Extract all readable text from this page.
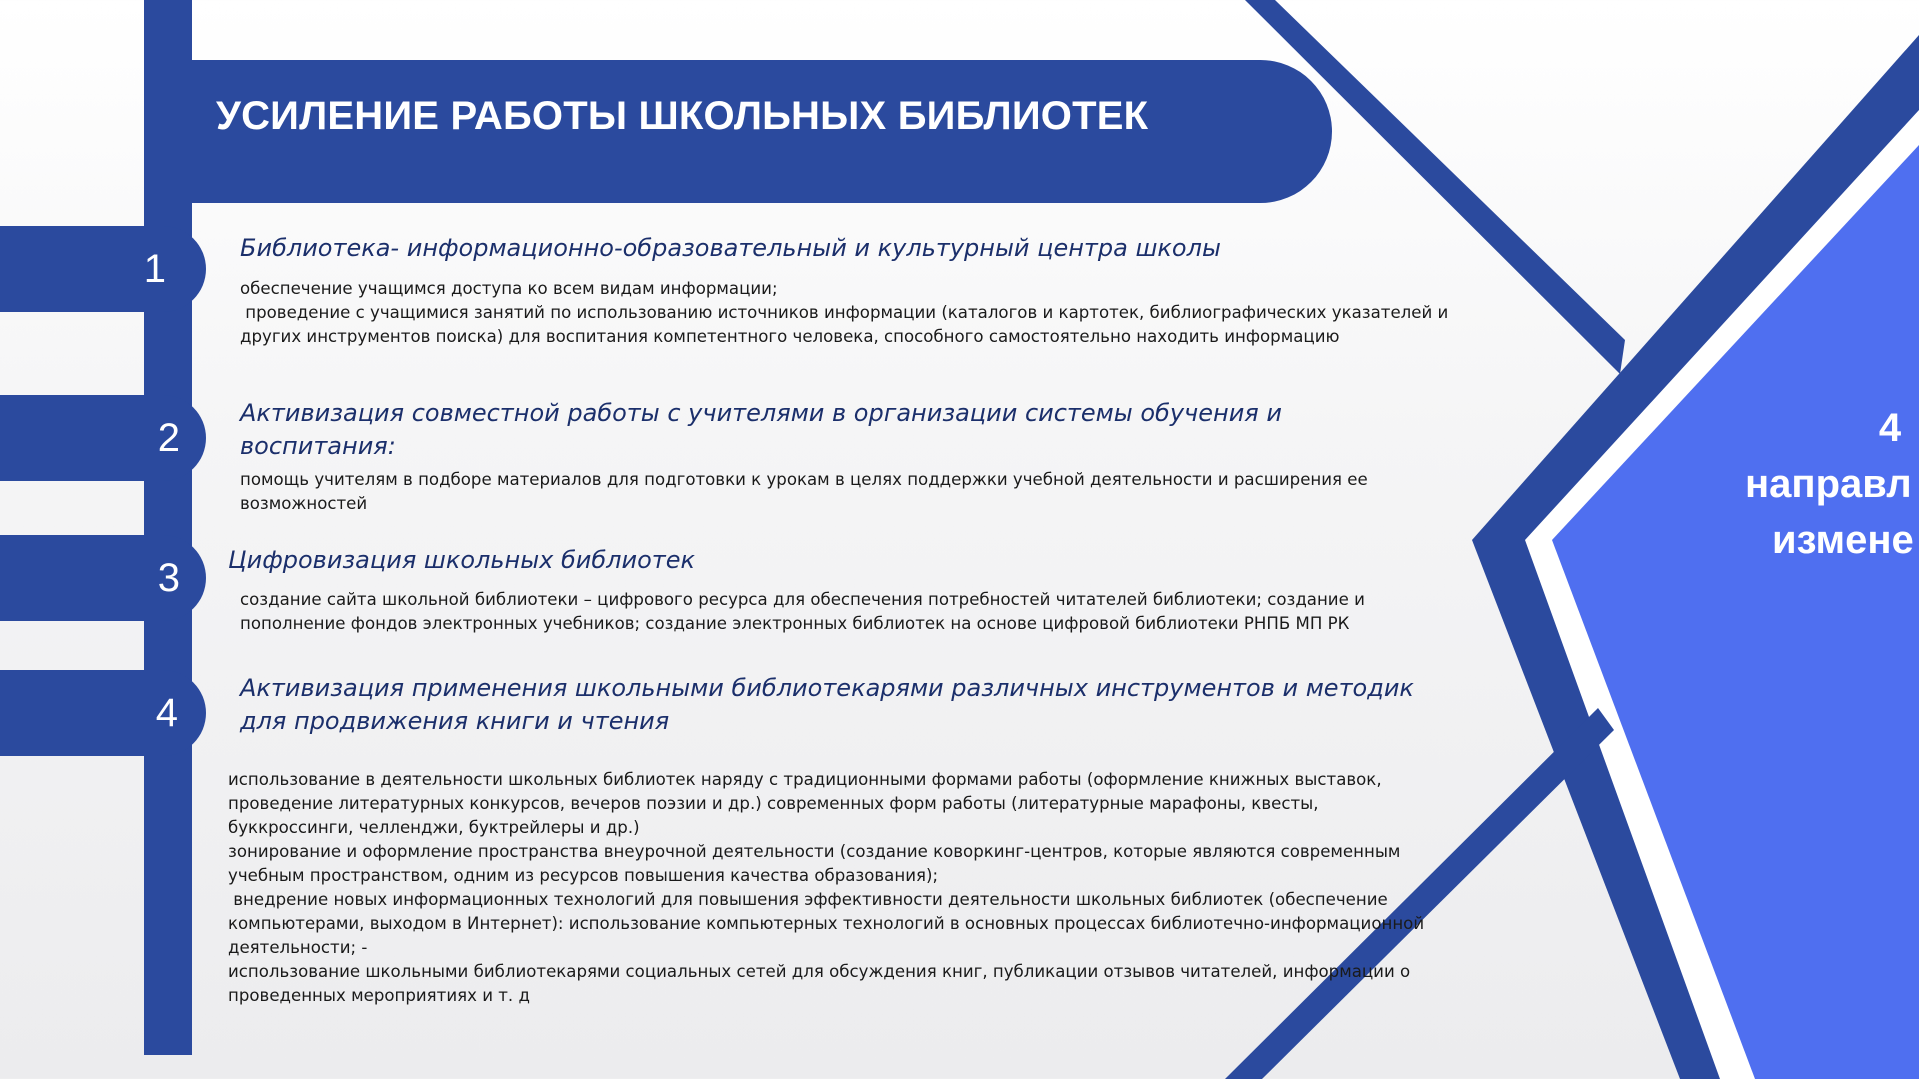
УСИЛЕНИЕ РАБОТЫ ШКОЛЬНЫХ БИБЛИОТЕК
1
2
3
4
Библиотека- информационно-образовательный и культурный центра школы
обеспечение учащимся доступа ко всем видам информации;
проведение с учащимися занятий по использованию источников информации (каталогов и картотек, библиографических указателей и
других инструментов поиска) для воспитания компетентного человека, способного самостоятельно находить информацию
Активизация совместной работы с учителями в организации системы обучения и воспитания:
помощь учителям в подборе материалов для подготовки к урокам в целях поддержки учебной деятельности и расширения ее
возможностей
Цифровизация школьных библиотек
создание сайта школьной библиотеки – цифрового ресурса для обеспечения потребностей читателей библиотеки; создание и
пополнение фондов электронных учебников; создание электронных библиотек на основе цифровой библиотеки РНПБ МП РК
Активизация применения школьными библиотекарями различных инструментов и методик
для продвижения книги и чтения
использование в деятельности школьных библиотек наряду с традиционными формами работы (оформление книжных выставок,
проведение литературных конкурсов, вечеров поэзии и др.) современных форм работы (литературные марафоны, квесты,
буккроссинги, челленджи, буктрейлеры и др.)
зонирование и оформление пространства внеурочной деятельности (создание коворкинг-центров, которые являются современным
учебным пространством, одним из ресурсов повышения качества образования);
внедрение новых информационных технологий для повышения эффективности деятельности школьных библиотек (обеспечение
компьютерами, выходом в Интернет): использование компьютерных технологий в основных процессах библиотечно-информационной
деятельности; -
использование школьными библиотекарями социальных сетей для обсуждения книг, публикации отзывов читателей, информации о
проведенных мероприятиях и т. д
4
направл
измене
